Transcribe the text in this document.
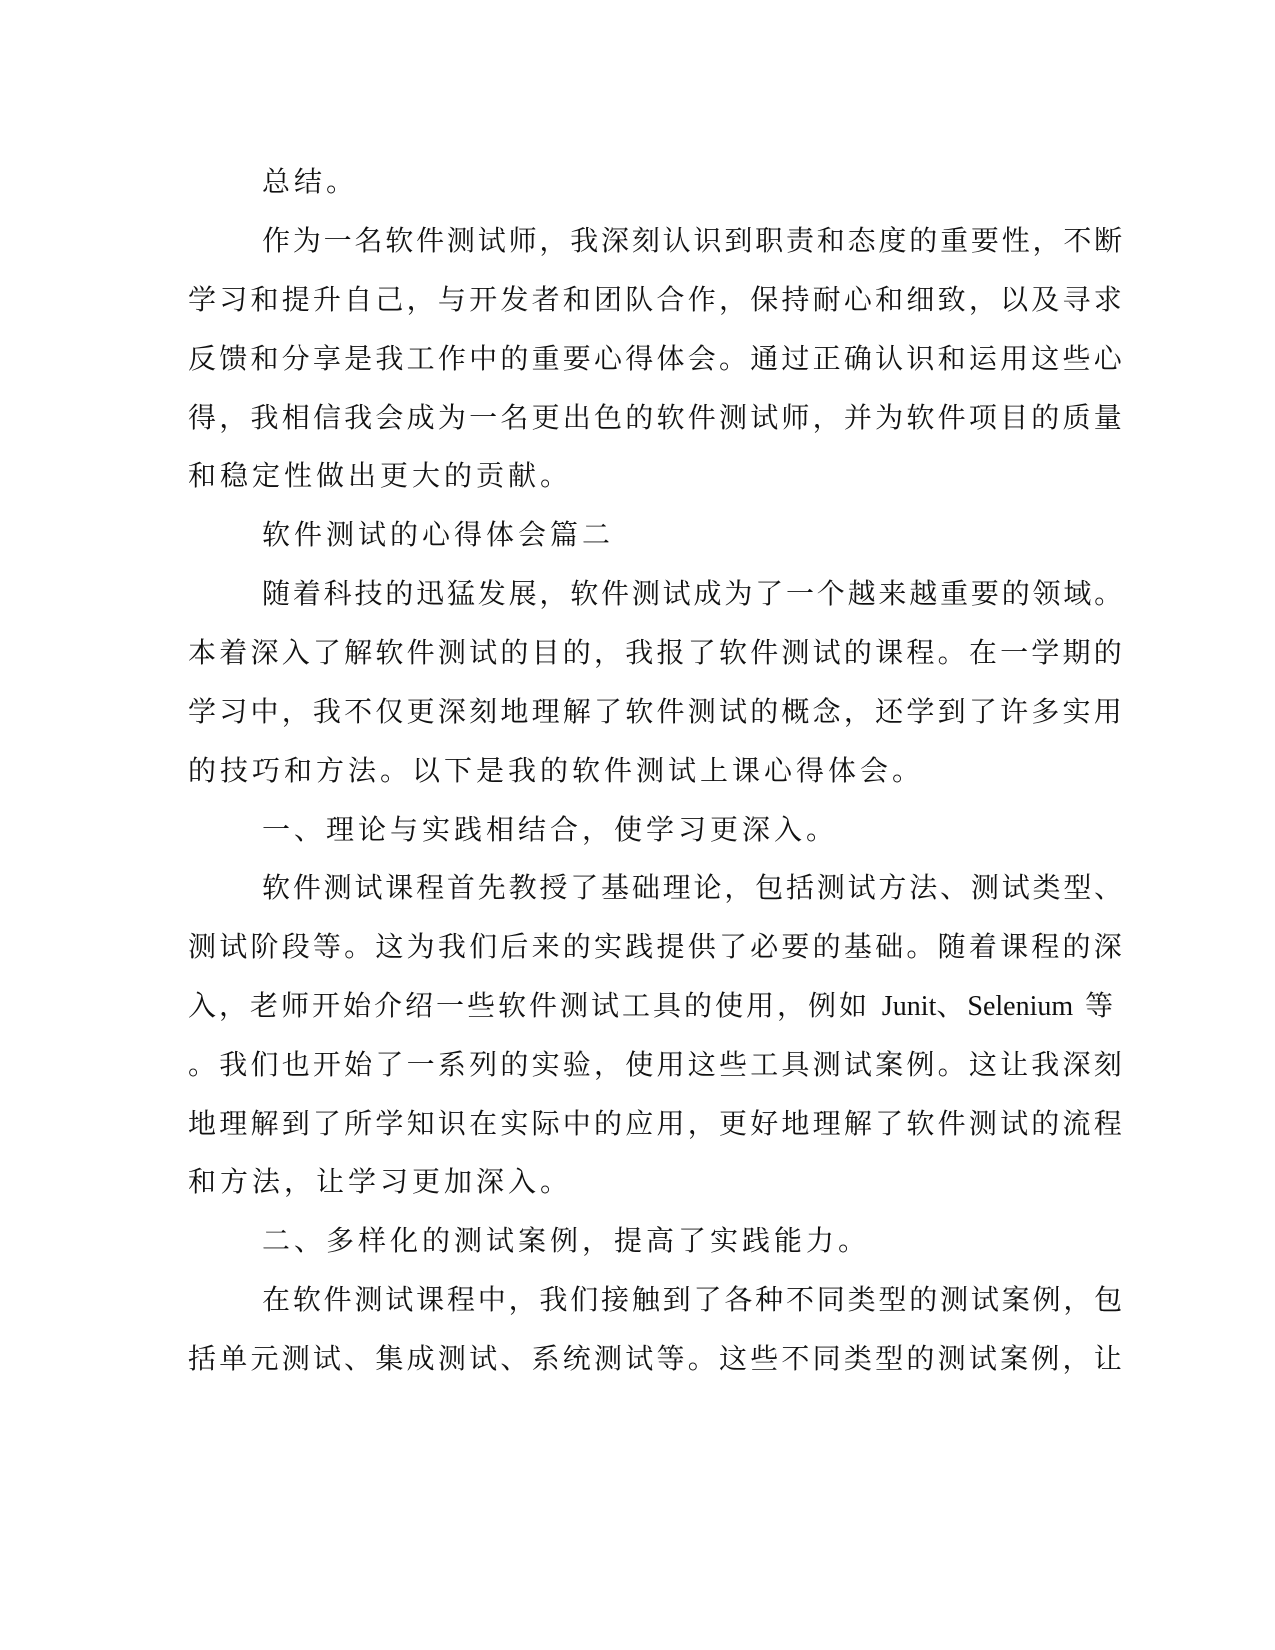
总结。
作为一名软件测试师，我深刻认识到职责和态度的重要性，不断
学习和提升自己，与开发者和团队合作，保持耐心和细致，以及寻求
反馈和分享是我工作中的重要心得体会。通过正确认识和运用这些心
得，我相信我会成为一名更出色的软件测试师，并为软件项目的质量
和稳定性做出更大的贡献。
软件测试的心得体会篇二
随着科技的迅猛发展，软件测试成为了一个越来越重要的领域。
本着深入了解软件测试的目的，我报了软件测试的课程。在一学期的
学习中，我不仅更深刻地理解了软件测试的概念，还学到了许多实用
的技巧和方法。以下是我的软件测试上课心得体会。
一、理论与实践相结合，使学习更深入。
软件测试课程首先教授了基础理论，包括测试方法、测试类型、
测试阶段等。这为我们后来的实践提供了必要的基础。随着课程的深
入，老师开始介绍一些软件测试工具的使用，例如 Junit、Selenium 等
。我们也开始了一系列的实验，使用这些工具测试案例。这让我深刻
地理解到了所学知识在实际中的应用，更好地理解了软件测试的流程
和方法，让学习更加深入。
二、多样化的测试案例，提高了实践能力。
在软件测试课程中，我们接触到了各种不同类型的测试案例，包
括单元测试、集成测试、系统测试等。这些不同类型的测试案例，让
